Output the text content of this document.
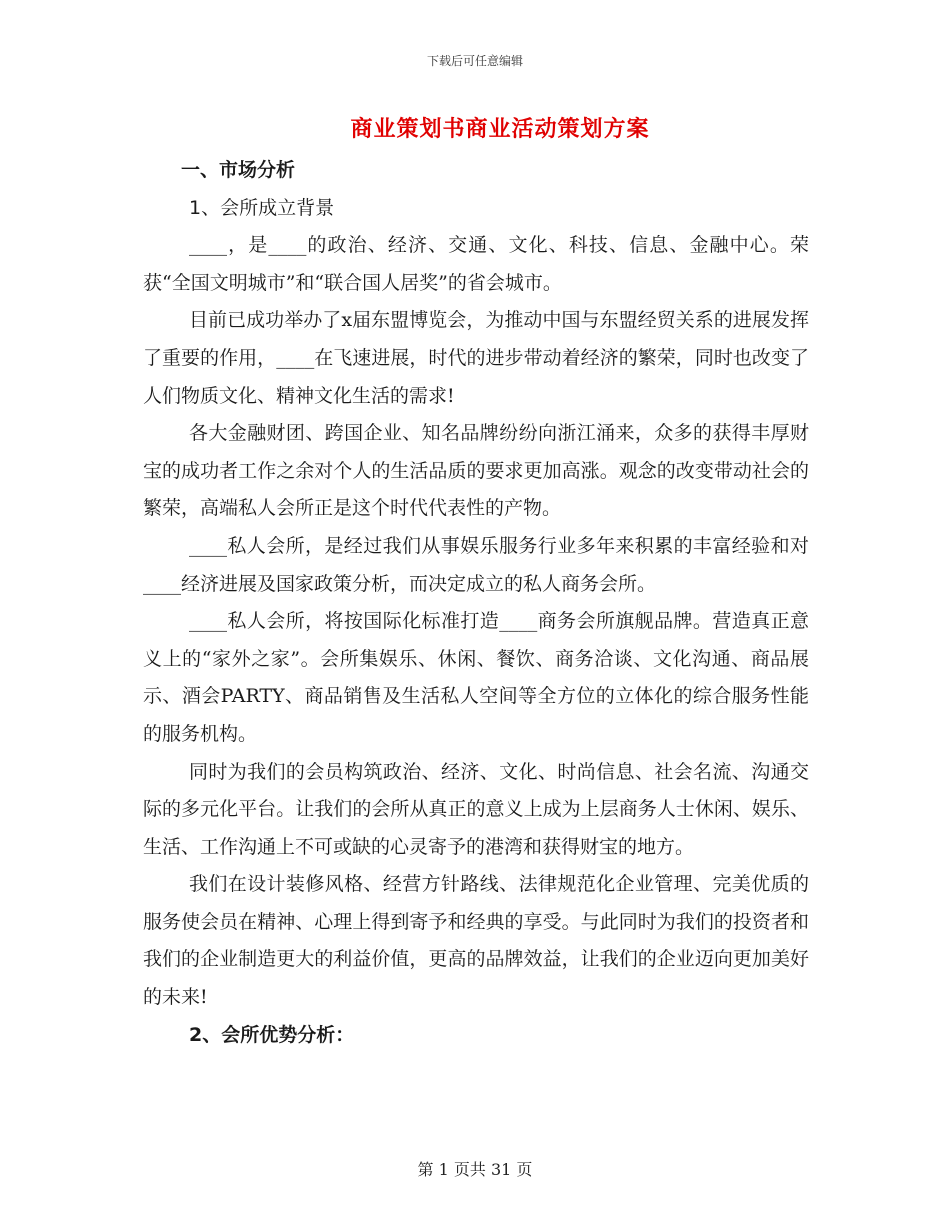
下载后可任意编辑
商业策划书商业活动策划方案

一、市场分析

1、会所成立背景

____，是____的政治、经济、交通、文化、科技、信息、金融中心。荣获“全国文明城市”和“联合国人居奖”的省会城市。

目前已成功举办了x届东盟博览会，为推动中国与东盟经贸关系的进展发挥了重要的作用，____在飞速进展，时代的进步带动着经济的繁荣，同时也改变了人们物质文化、精神文化生活的需求!

各大金融财团、跨国企业、知名品牌纷纷向浙江涌来，众多的获得丰厚财宝的成功者工作之余对个人的生活品质的要求更加高涨。观念的改变带动社会的繁荣，高端私人会所正是这个时代代表性的产物。

____私人会所，是经过我们从事娱乐服务行业多年来积累的丰富经验和对____经济进展及国家政策分析，而决定成立的私人商务会所。

____私人会所，将按国际化标准打造____商务会所旗舰品牌。营造真正意义上的“家外之家”。会所集娱乐、休闲、餐饮、商务洽谈、文化沟通、商品展示、酒会PARTY、商品销售及生活私人空间等全方位的立体化的综合服务性能的服务机构。

同时为我们的会员构筑政治、经济、文化、时尚信息、社会名流、沟通交际的多元化平台。让我们的会所从真正的意义上成为上层商务人士休闲、娱乐、生活、工作沟通上不可或缺的心灵寄予的港湾和获得财宝的地方。

我们在设计装修风格、经营方针路线、法律规范化企业管理、完美优质的服务使会员在精神、心理上得到寄予和经典的享受。与此同时为我们的投资者和我们的企业制造更大的利益价值，更高的品牌效益，让我们的企业迈向更加美好的未来!

2、会所优势分析：

第 1 页共 31 页
